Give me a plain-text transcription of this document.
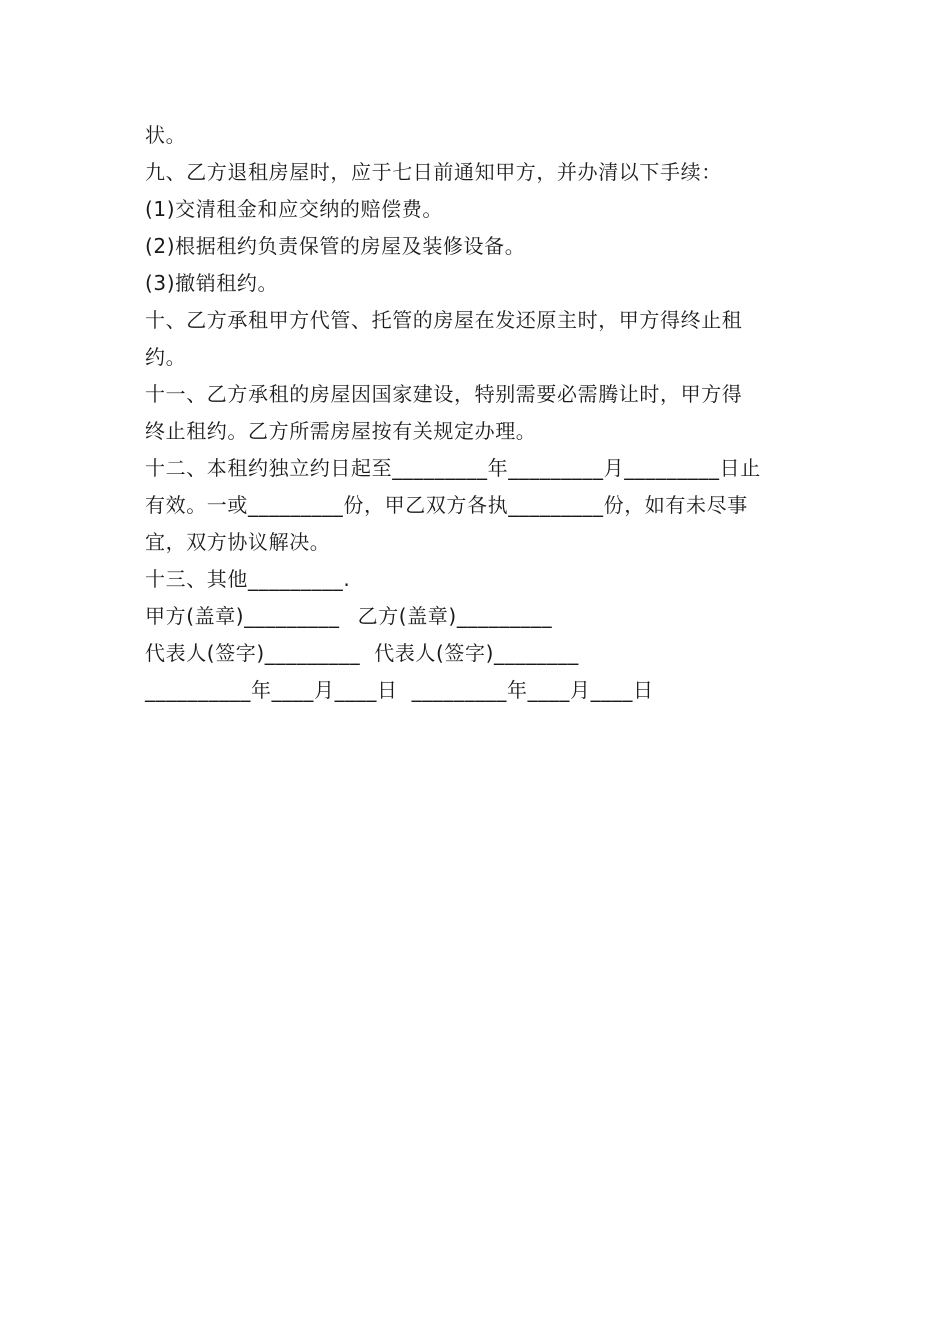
状。
九、乙方退租房屋时，应于七日前通知甲方，并办清以下手续：
(1)交清租金和应交纳的赔偿费。
(2)根据租约负责保管的房屋及装修设备。
(3)撤销租约。
十、乙方承租甲方代管、托管的房屋在发还原主时，甲方得终止租
约。
十一、乙方承租的房屋因国家建设，特别需要必需腾让时，甲方得
终止租约。乙方所需房屋按有关规定办理。
十二、本租约独立约日起至_________年_________月_________日止
有效。一或_________份，甲乙双方各执_________份，如有未尽事
宜，双方协议解决。
十三、其他_________.
甲方(盖章)_________ 乙方(盖章)_________
代表人(签字)_________ 代表人(签字)________
__________年____月____日 _________年____月____日
